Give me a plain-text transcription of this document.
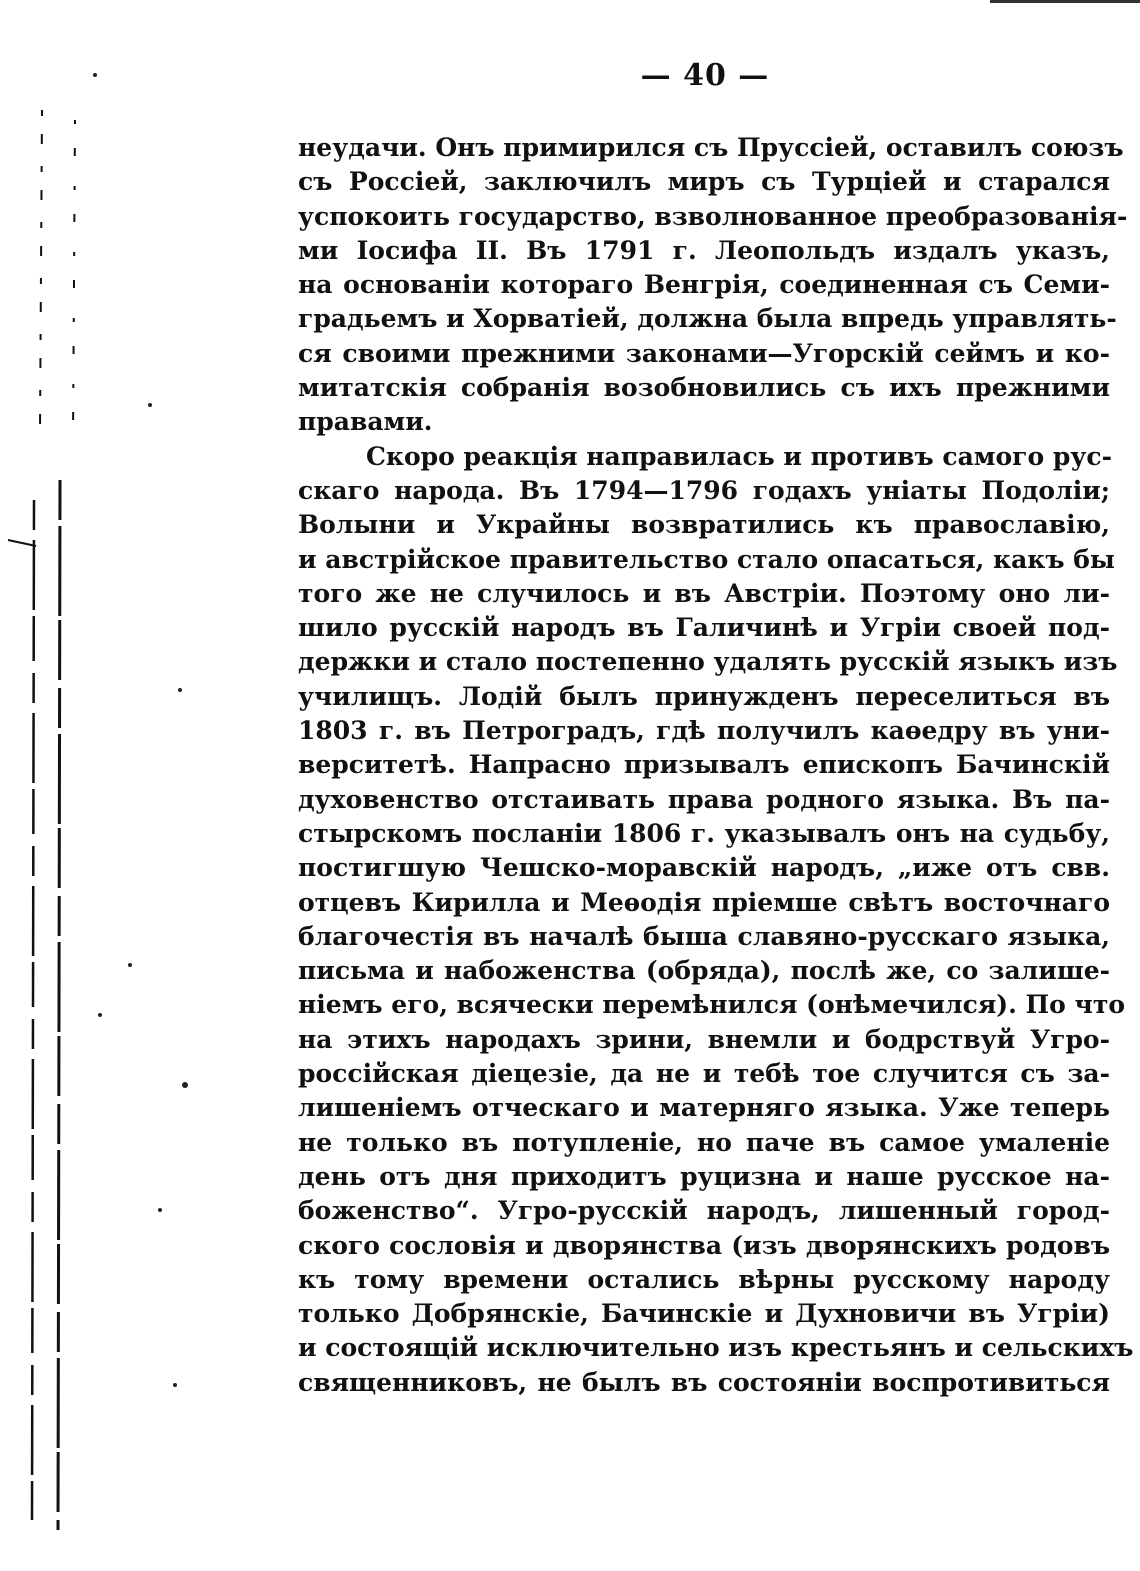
— 40 —
неудачи. Онъ примирился съ Пруссіей, оставилъ союзъ
съ Россіей, заключилъ миръ съ Турціей и старался
успокоить государство, взволнованное преобразованія-
ми Іосифа II. Въ 1791 г. Леопольдъ издалъ указъ,
на основаніи котораго Венгрія, соединенная съ Семи-
градьемъ и Хорватіей, должна была впредь управлять-
ся своими прежними законами—Угорскій сеймъ и ко-
митатскія собранія возобновились съ ихъ прежними
правами.
Скоро реакція направилась и противъ самого рус-
скаго народа. Въ 1794—1796 годахъ уніаты Подоліи;
Волыни и Украйны возвратились къ православію,
и австрійское правительство стало опасаться, какъ бы
того же не случилось и въ Австріи. Поэтому оно ли-
шило русскій народъ въ Галичинѣ и Угріи своей под-
держки и стало постепенно удалять русскій языкъ изъ
училищъ. Лодій былъ принужденъ переселиться въ
1803 г. въ Петроградъ, гдѣ получилъ каөедру въ уни-
верситетѣ. Напрасно призывалъ епископъ Бачинскій
духовенство отстаивать права родного языка. Въ па-
стырскомъ посланіи 1806 г. указывалъ онъ на судьбу,
постигшую Чешско-моравскій народъ, „иже отъ свв.
отцевъ Кирилла и Меѳодія пріемше свѣтъ восточнаго
благочестія въ началѣ быша славяно-русскаго языка,
письма и набоженства (обряда), послѣ же, со залише-
ніемъ его, всячески перемѣнился (онѣмечился). По что
на этихъ народахъ зрини, внемли и бодрствуй Угро-
россійская діецезіе, да не и тебѣ тое случится съ за-
лишеніемъ отческаго и матерняго языка. Уже теперь
не только въ потупленіе, но паче въ самое умаленіе
день отъ дня приходитъ руцизна и наше русское на-
боженство“. Угро-русскій народъ, лишенный город-
ского сословія и дворянства (изъ дворянскихъ родовъ
къ тому времени остались вѣрны русскому народу
только Добрянскіе, Бачинскіе и Духновичи въ Угріи)
и состоящій исключительно изъ крестьянъ и сельскихъ
священниковъ, не былъ въ состояніи воспротивиться
